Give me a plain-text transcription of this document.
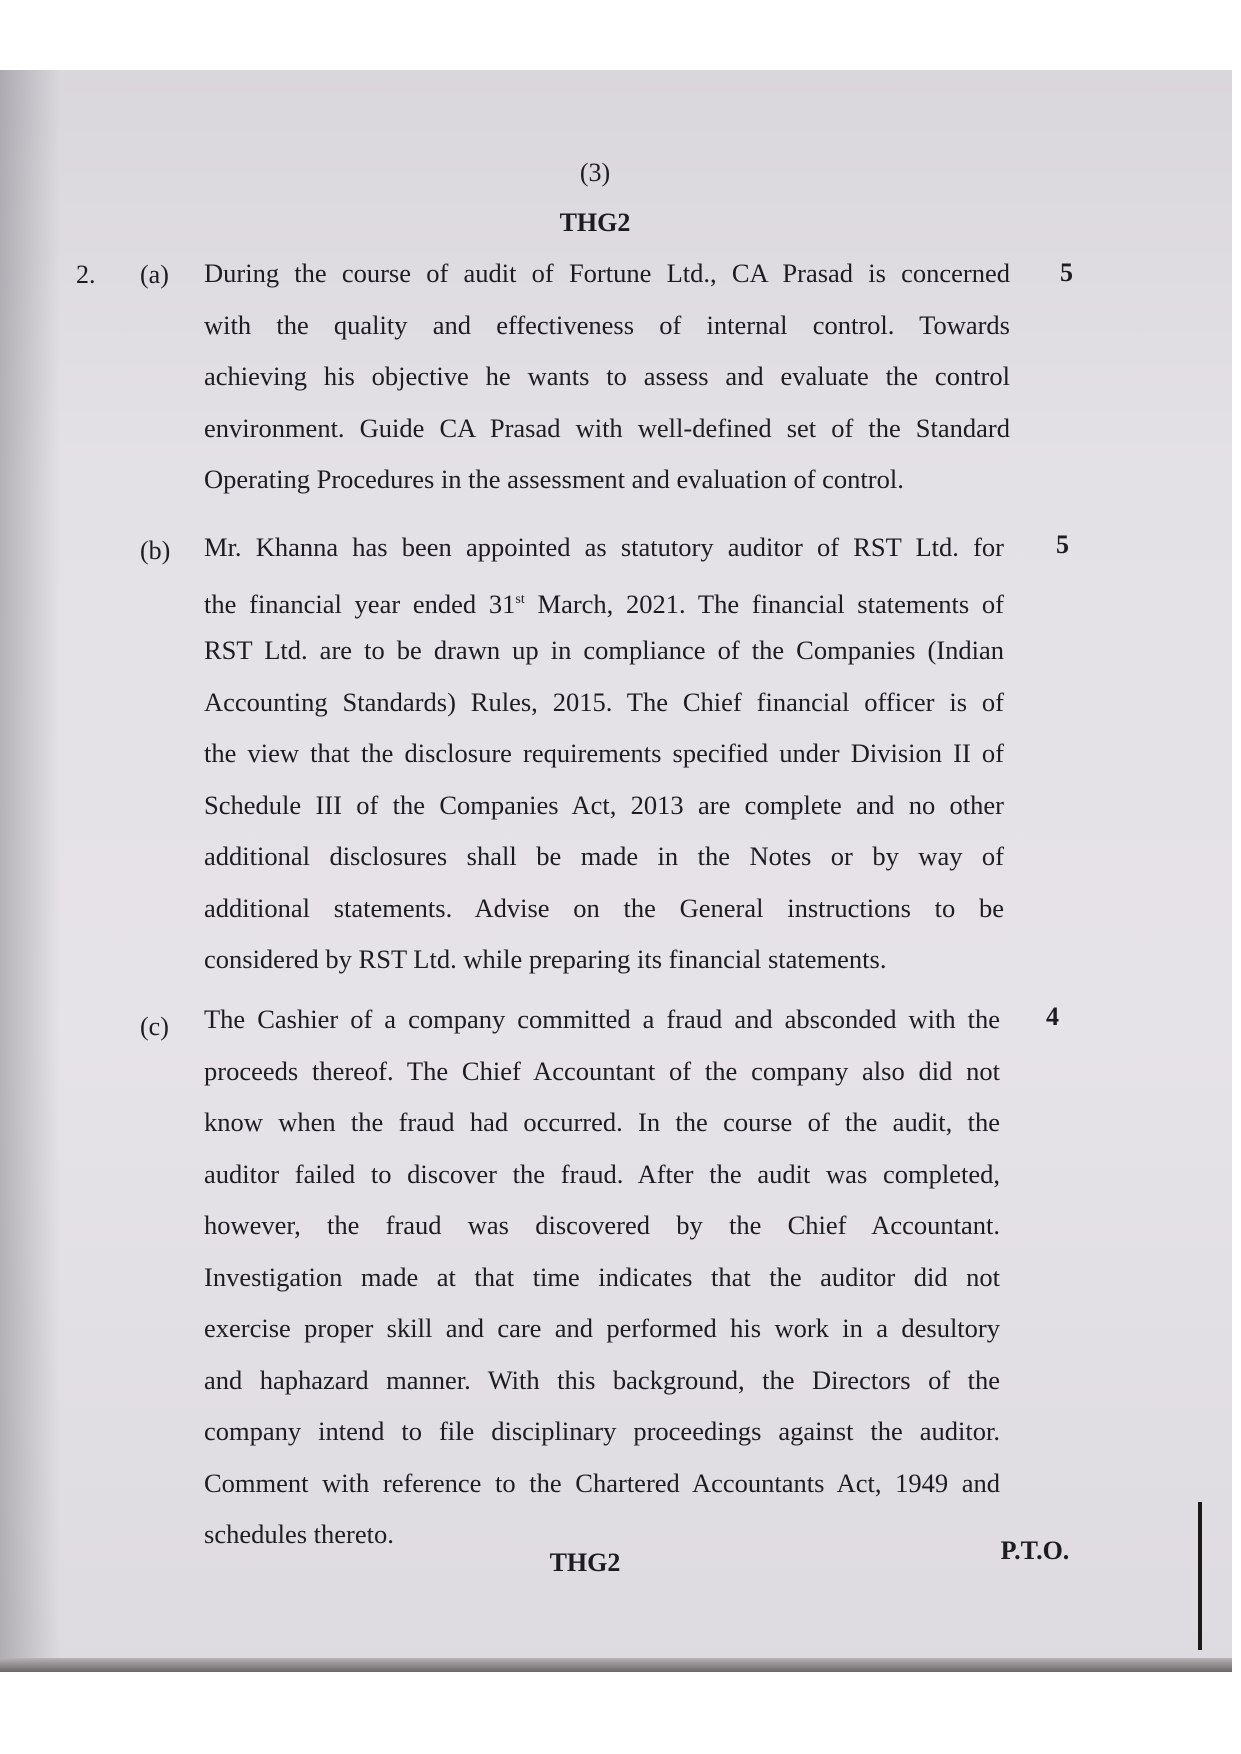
(3)
THG2
2. (a)	5
During the course of audit of Fortune Ltd., CA Prasad is concerned
with the quality and effectiveness of internal control. Towards
achieving his objective he wants to assess and evaluate the control
environment. Guide CA Prasad with well-defined set of the Standard
Operating Procedures in the assessment and evaluation of control.
(b)	5
Mr. Khanna has been appointed as statutory auditor of RST Ltd. for
the financial year ended 31st March, 2021. The financial statements of
RST Ltd. are to be drawn up in compliance of the Companies (Indian
Accounting Standards) Rules, 2015. The Chief financial officer is of
the view that the disclosure requirements specified under Division II of
Schedule III of the Companies Act, 2013 are complete and no other
additional disclosures shall be made in the Notes or by way of
additional statements. Advise on the General instructions to be
considered by RST Ltd. while preparing its financial statements.
(c)	4
The Cashier of a company committed a fraud and absconded with the
proceeds thereof. The Chief Accountant of the company also did not
know when the fraud had occurred. In the course of the audit, the
auditor failed to discover the fraud. After the audit was completed,
however, the fraud was discovered by the Chief Accountant.
Investigation made at that time indicates that the auditor did not
exercise proper skill and care and performed his work in a desultory
and haphazard manner. With this background, the Directors of the
company intend to file disciplinary proceedings against the auditor.
Comment with reference to the Chartered Accountants Act, 1949 and
schedules thereto.
THG2	P.T.O.
